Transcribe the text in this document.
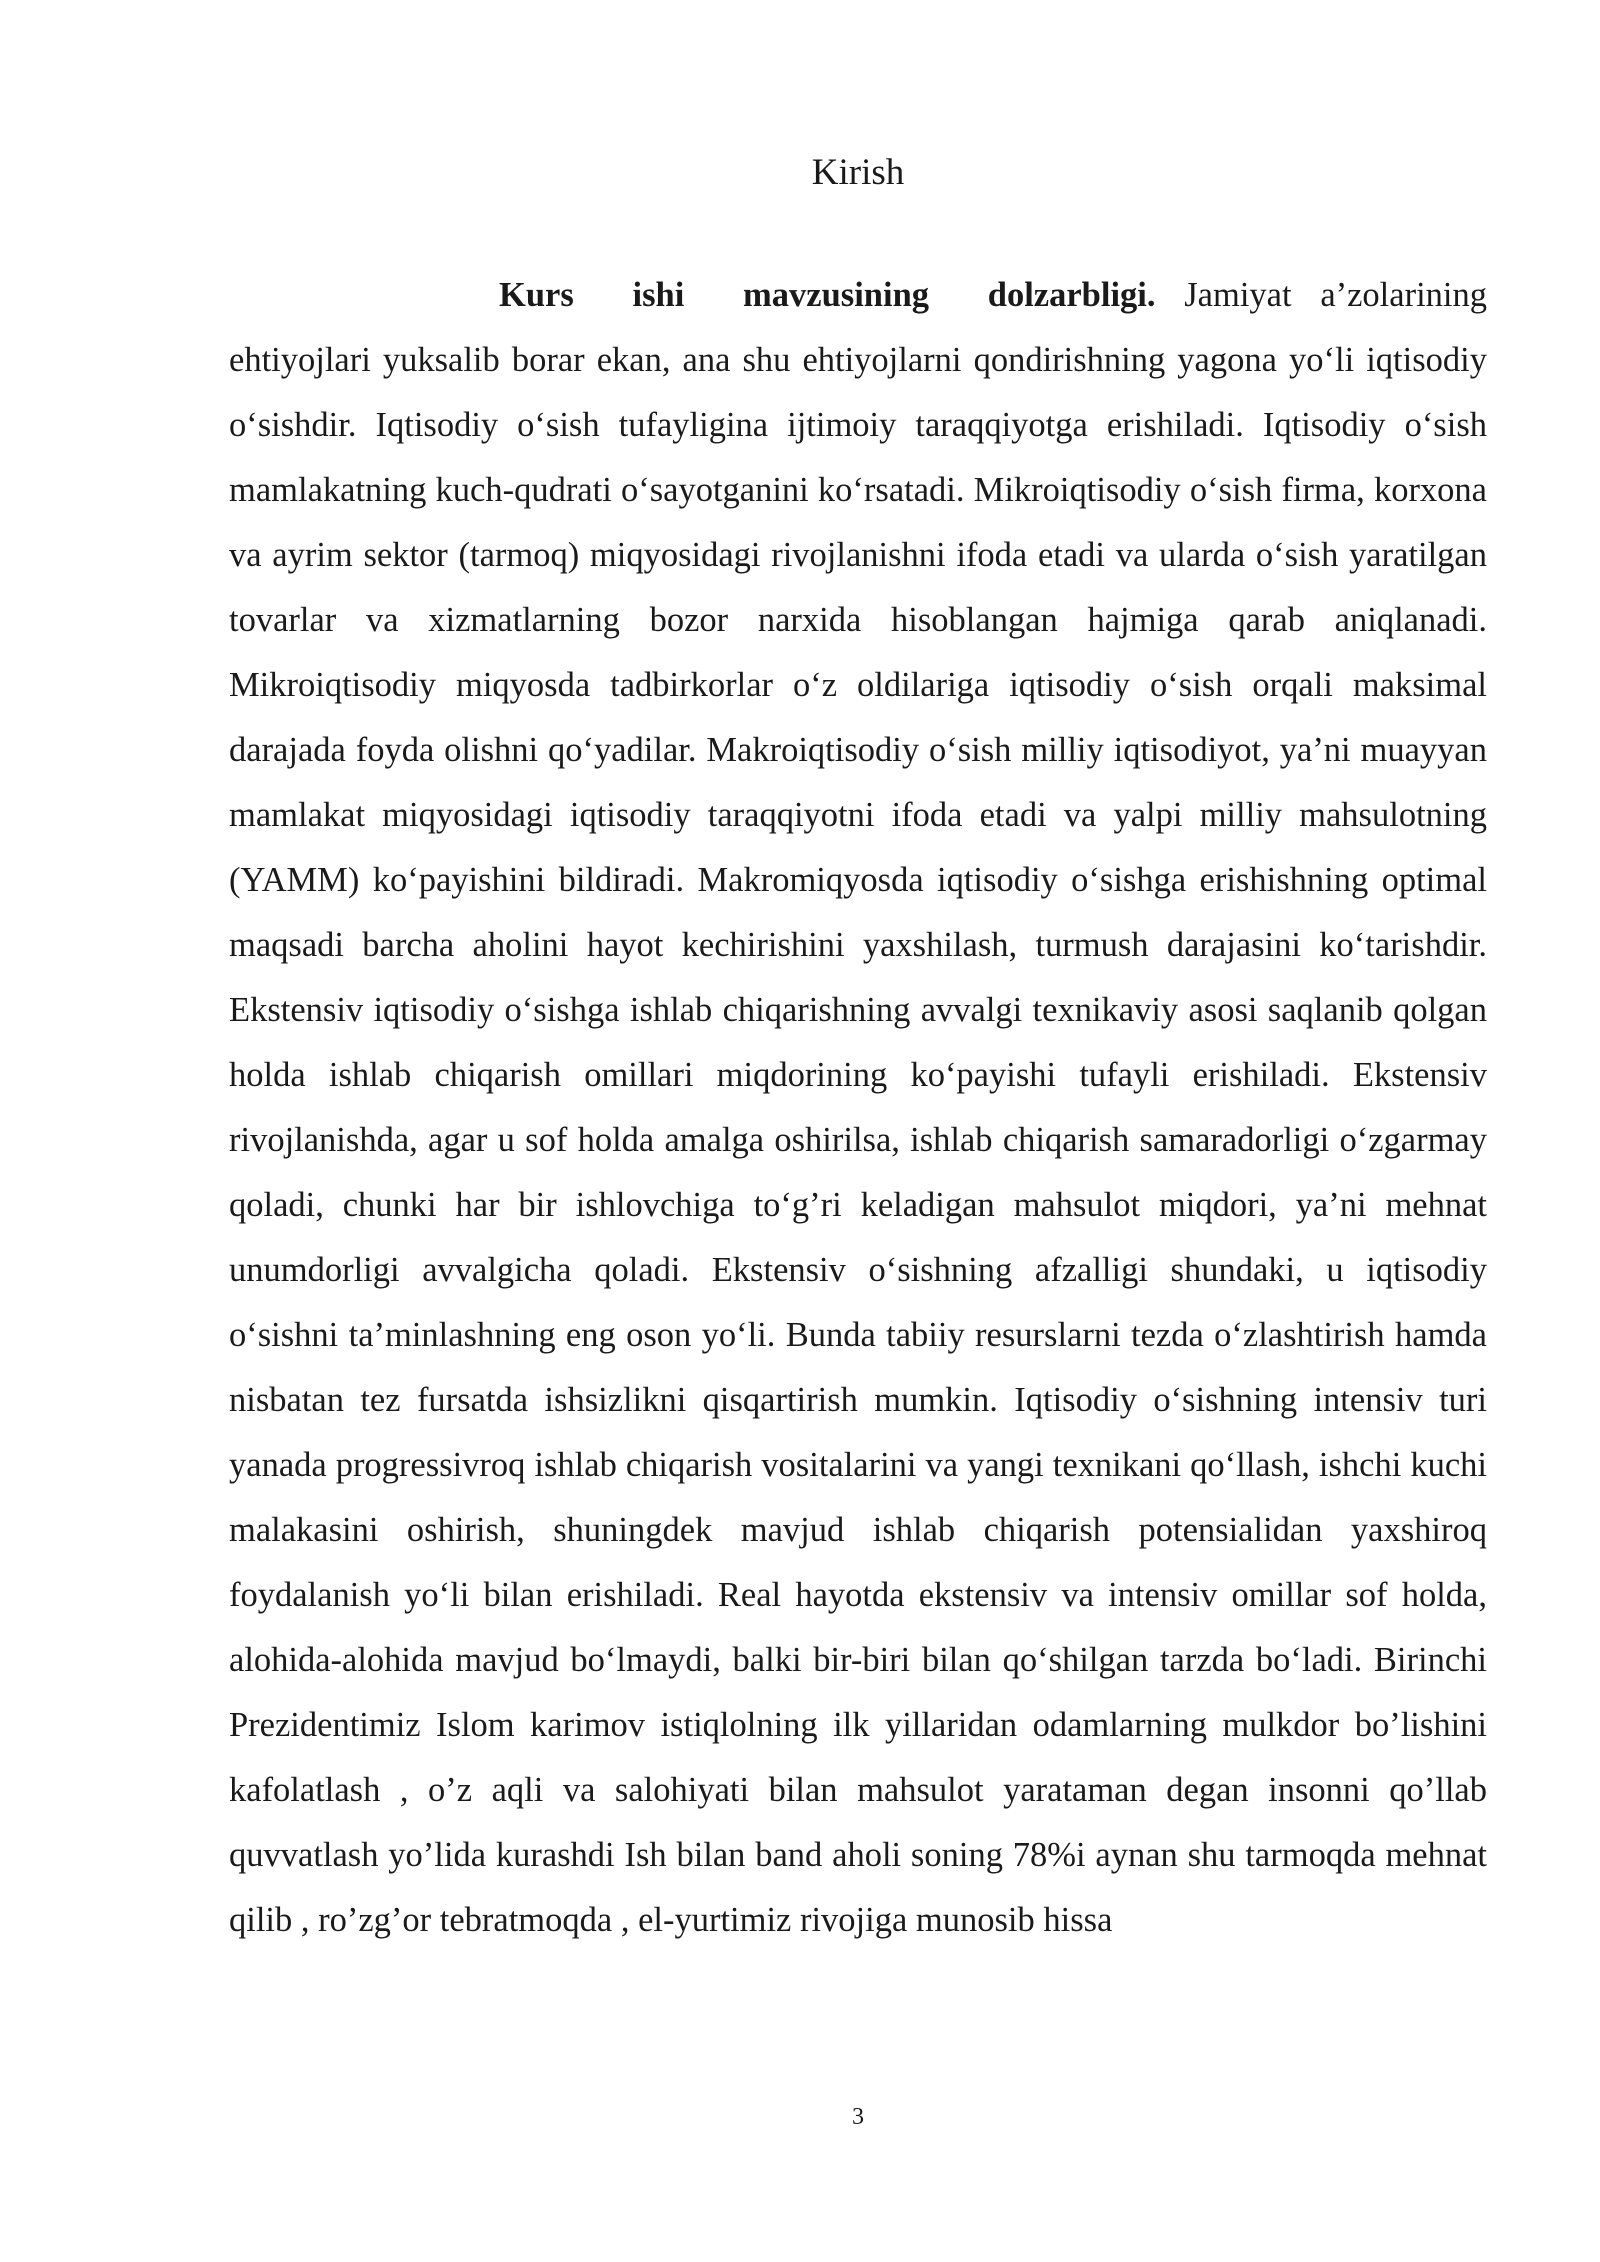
Kirish

Kurs ishi mavzusining dolzarbligi. Jamiyat a’zolarining ehtiyojlari yuksalib borar ekan, ana shu ehtiyojlarni qondirishning yagona yo‘li iqtisodiy o‘sishdir. Iqtisodiy o‘sish tufayligina ijtimoiy taraqqiyotga erishiladi. Iqtisodiy o‘sish mamlakatning kuch-qudrati o‘sayotganini ko‘rsatadi. Mikroiqtisodiy o‘sish firma, korxona va ayrim sektor (tarmoq) miqyosidagi rivojlanishni ifoda etadi va ularda o‘sish yaratilgan tovarlar va xizmatlarning bozor narxida hisoblangan hajmiga qarab aniqlanadi. Mikroiqtisodiy miqyosda tadbirkorlar o‘z oldilariga iqtisodiy o‘sish orqali maksimal darajada foyda olishni qo‘yadilar. Makroiqtisodiy o‘sish milliy iqtisodiyot, ya’ni muayyan mamlakat miqyosidagi iqtisodiy taraqqiyotni ifoda etadi va yalpi milliy mahsulotning (YAMM) ko‘payishini bildiradi. Makromiqyosda iqtisodiy o‘sishga erishishning optimal maqsadi barcha aholini hayot kechirishini yaxshilash, turmush darajasini ko‘tarishdir. Ekstensiv iqtisodiy o‘sishga ishlab chiqarishning avvalgi texnikaviy asosi saqlanib qolgan holda ishlab chiqarish omillari miqdorining ko‘payishi tufayli erishiladi. Ekstensiv rivojlanishda, agar u sof holda amalga oshirilsa, ishlab chiqarish samaradorligi o‘zgarmay qoladi, chunki har bir ishlovchiga to‘g’ri keladigan mahsulot miqdori, ya’ni mehnat unumdorligi avvalgicha qoladi. Ekstensiv o‘sishning afzalligi shundaki, u iqtisodiy o‘sishni ta’minlashning eng oson yo‘li. Bunda tabiiy resurslarni tezda o‘zlashtirish hamda nisbatan tez fursatda ishsizlikni qisqartirish mumkin. Iqtisodiy o‘sishning intensiv turi yanada progressivroq ishlab chiqarish vositalarini va yangi texnikani qo‘llash, ishchi kuchi malakasini oshirish, shuningdek mavjud ishlab chiqarish potensialidan yaxshiroq foydalanish yo‘li bilan erishiladi. Real hayotda ekstensiv va intensiv omillar sof holda, alohida-alohida mavjud bo‘lmaydi, balki bir-biri bilan qo‘shilgan tarzda bo‘ladi. Birinchi Prezidentimiz Islom karimov istiqlolning ilk yillaridan odamlarning mulkdor bo’lishini kafolatlash , o’z aqli va salohiyati bilan mahsulot yarataman degan insonni qo’llab quvvatlash yo’lida kurashdi Ish bilan band aholi soning 78%i aynan shu tarmoqda mehnat qilib , ro’zg’or tebratmoqda , el-yurtimiz rivojiga munosib hissa

3
